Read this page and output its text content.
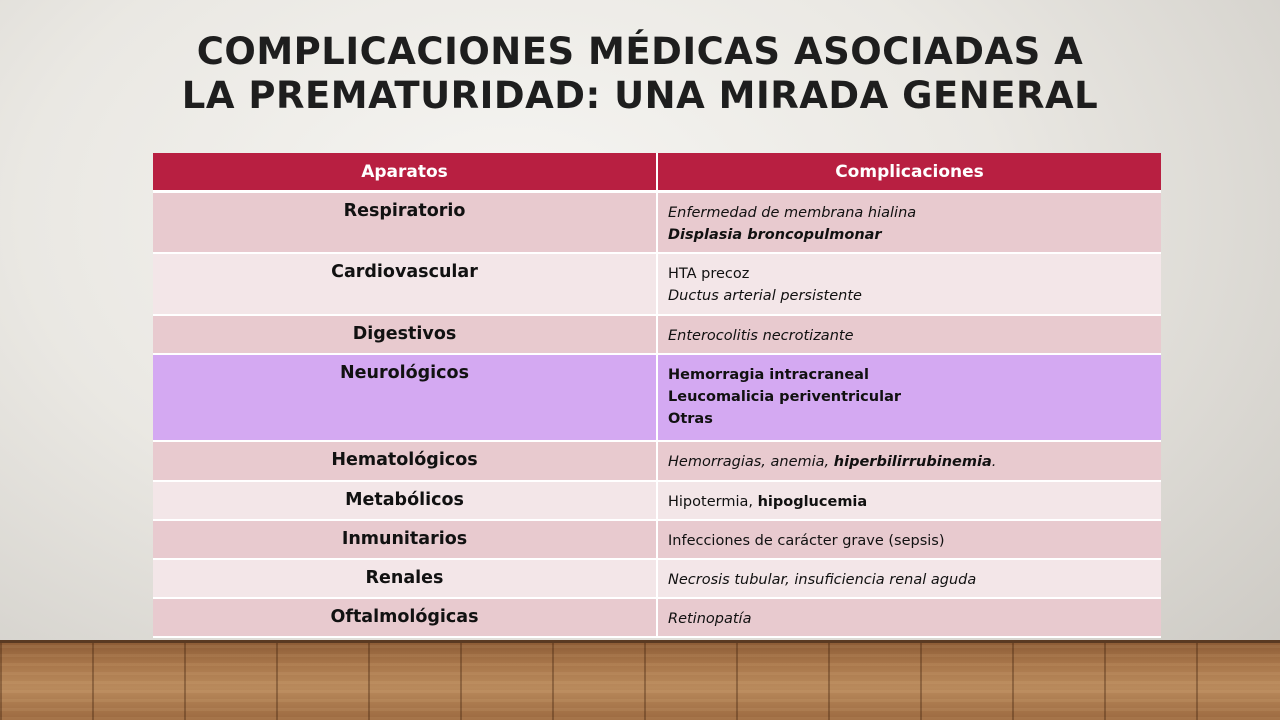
COMPLICACIONES MÉDICAS ASOCIADAS A
LA PREMATURIDAD: UNA MIRADA GENERAL
Aparatos	Complicaciones
Respiratorio	Enfermedad de membrana hialina
Displasia broncopulmonar

Cardiovascular	HTA precoz
Ductus arterial persistente

Digestivos	Enterocolitis necrotizante

Neurológicos	Hemorragia intracraneal
Leucomalicia periventricular
Otras

Hematológicos	Hemorragias, anemia, hiperbilirrubinemia.

Metabólicos	Hipotermia, hipoglucemia

Inmunitarios	Infecciones de carácter grave (sepsis)

Renales	Necrosis tubular, insuficiencia renal aguda

Oftalmológicas	Retinopatía
